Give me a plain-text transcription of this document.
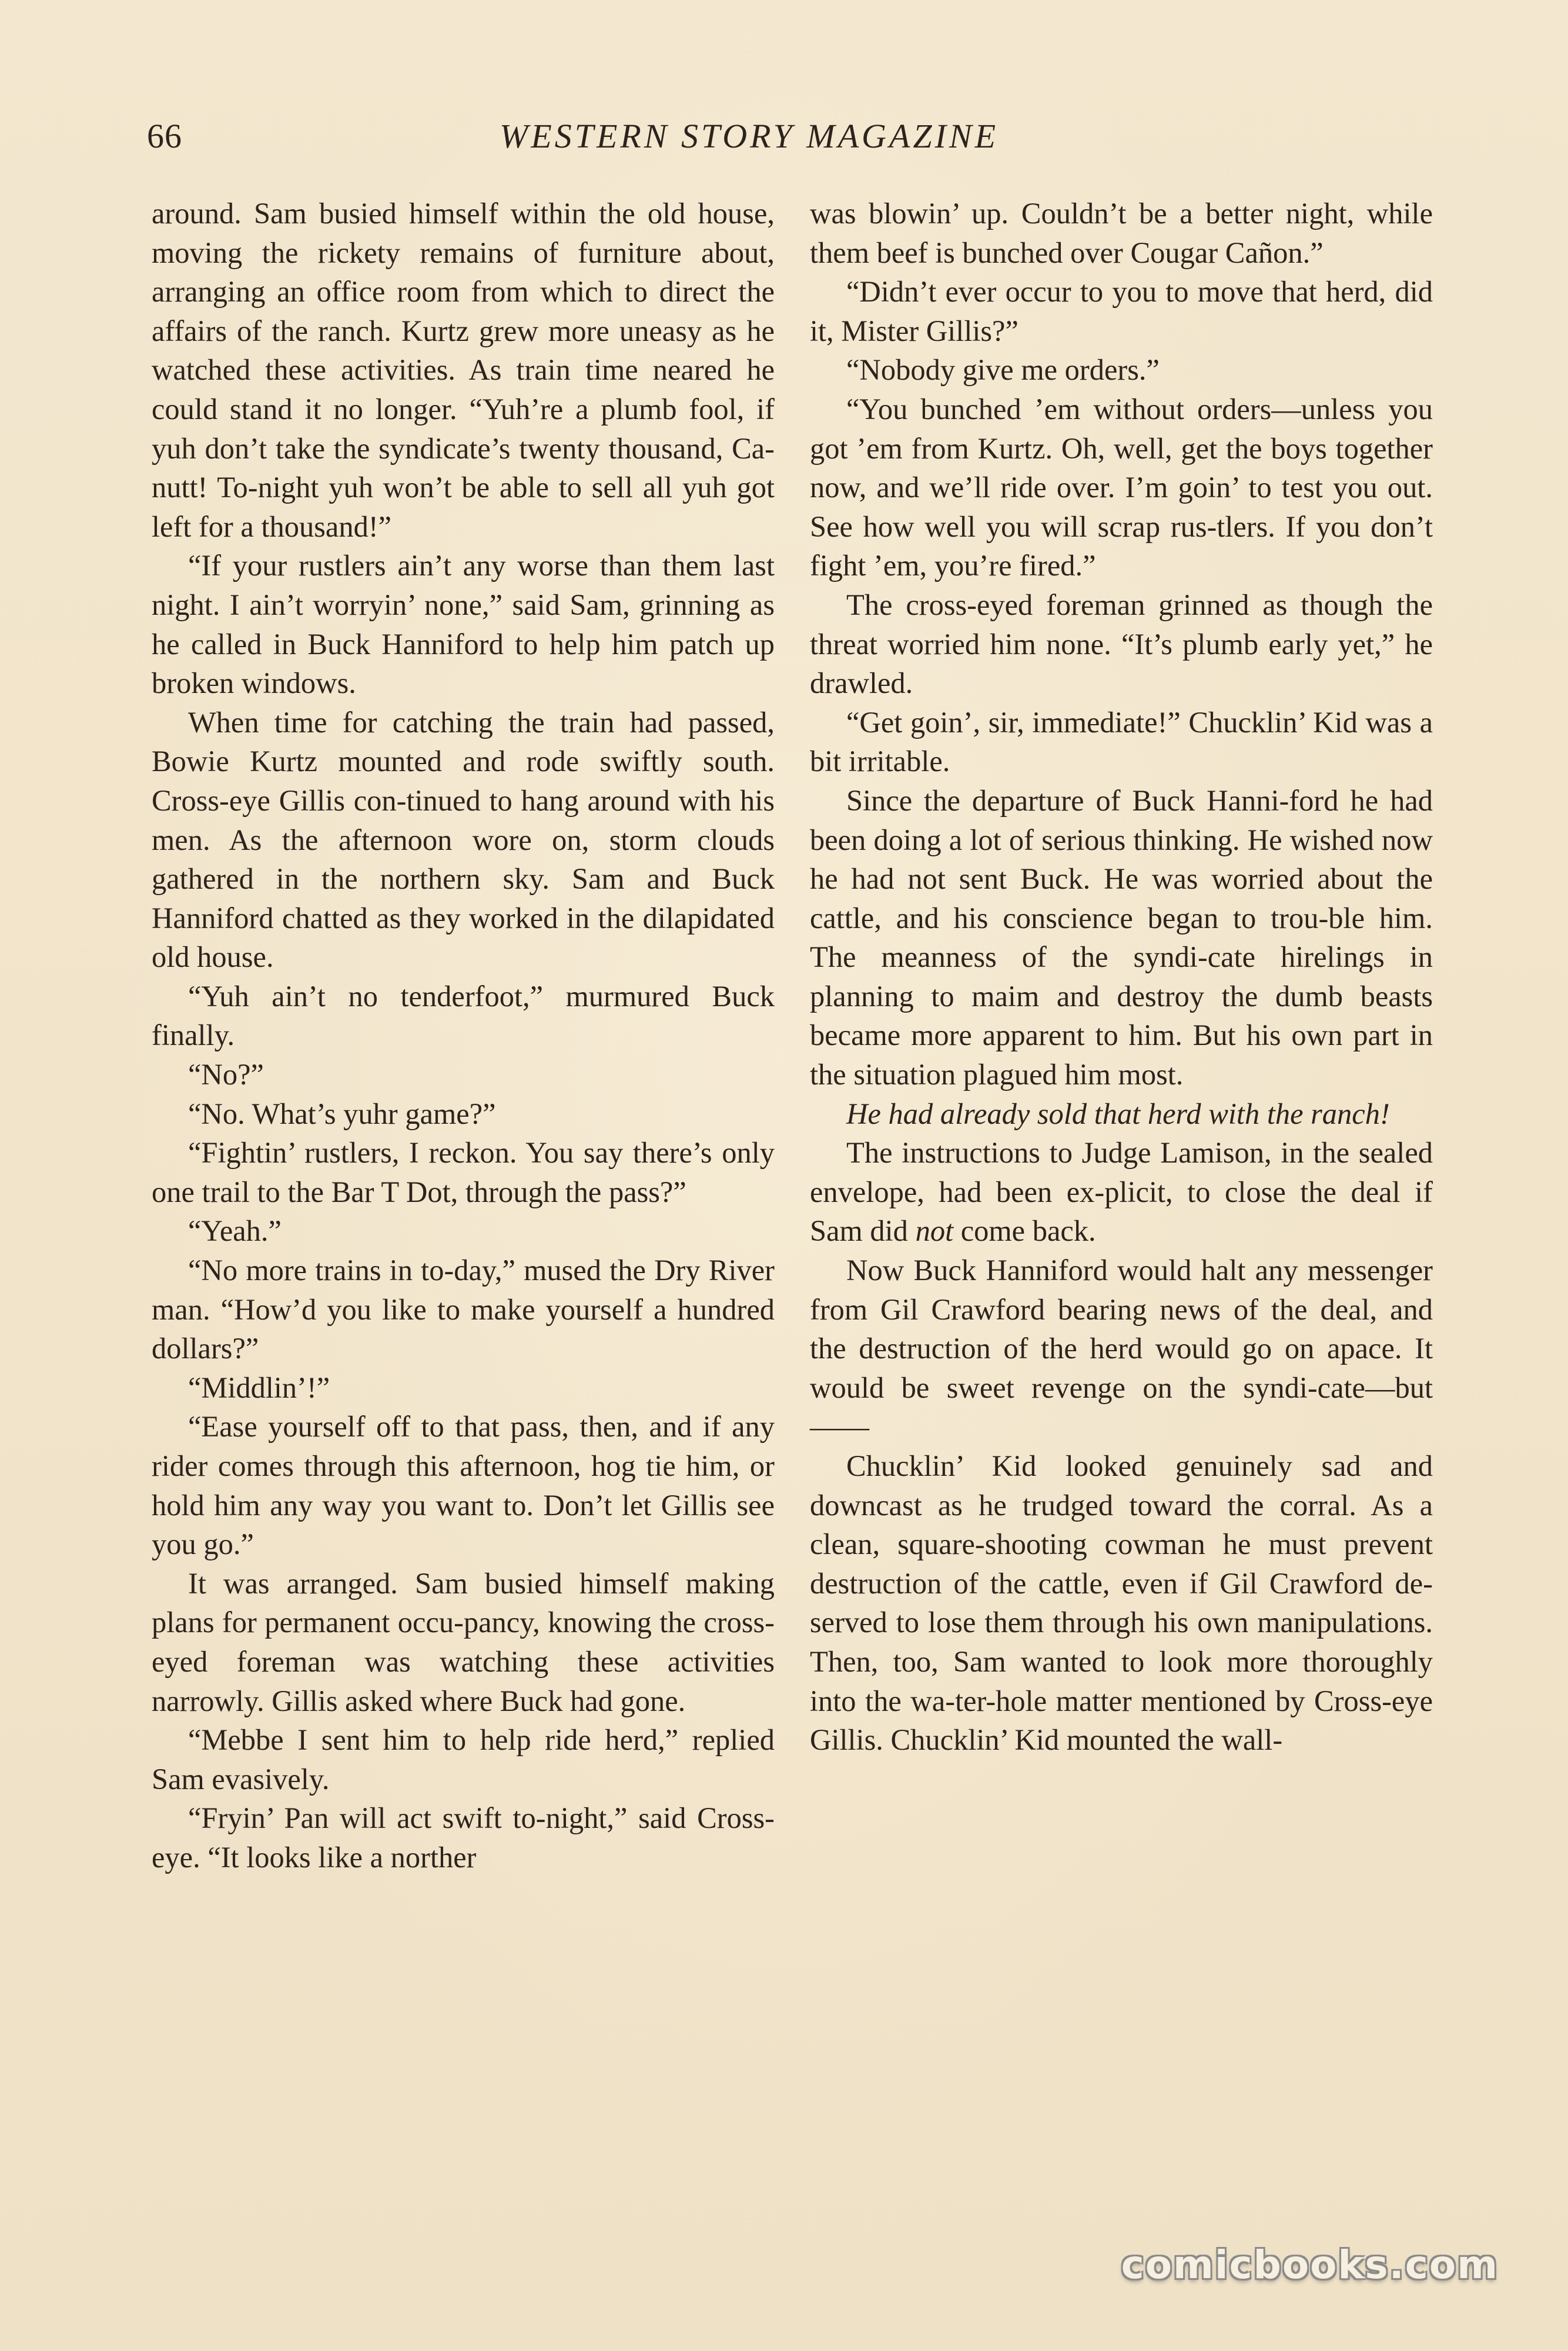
66	WESTERN STORY MAGAZINE

around. Sam busied himself within the old house, moving the rickety remains of furniture about, arranging an office room from which to direct the affairs of the ranch. Kurtz grew more uneasy as he watched these activities. As train time neared he could stand it no longer. “Yuh’re a plumb fool, if yuh don’t take the syndicate’s twenty thousand, Ca-nutt! To-night yuh won’t be able to sell all yuh got left for a thousand!”

“If your rustlers ain’t any worse than them last night. I ain’t worryin’ none,” said Sam, grinning as he called in Buck Hanniford to help him patch up broken windows.

When time for catching the train had passed, Bowie Kurtz mounted and rode swiftly south. Cross-eye Gillis con-tinued to hang around with his men. As the afternoon wore on, storm clouds gathered in the northern sky. Sam and Buck Hanniford chatted as they worked in the dilapidated old house.

“Yuh ain’t no tenderfoot,” murmured Buck finally.

“No?”

“No. What’s yuhr game?”

“Fightin’ rustlers, I reckon. You say there’s only one trail to the Bar T Dot, through the pass?”

“Yeah.”

“No more trains in to-day,” mused the Dry River man. “How’d you like to make yourself a hundred dollars?”

“Middlin’!”

“Ease yourself off to that pass, then, and if any rider comes through this afternoon, hog tie him, or hold him any way you want to. Don’t let Gillis see you go.”

It was arranged. Sam busied himself making plans for permanent occu-pancy, knowing the cross-eyed foreman was watching these activities narrowly. Gillis asked where Buck had gone.

“Mebbe I sent him to help ride herd,” replied Sam evasively.

“Fryin’ Pan will act swift to-night,” said Cross-eye. “It looks like a norther

was blowin’ up. Couldn’t be a better night, while them beef is bunched over Cougar Cañon.”

“Didn’t ever occur to you to move that herd, did it, Mister Gillis?”

“Nobody give me orders.”

“You bunched ’em without orders—unless you got ’em from Kurtz. Oh, well, get the boys together now, and we’ll ride over. I’m goin’ to test you out. See how well you will scrap rus-tlers. If you don’t fight ’em, you’re fired.”

The cross-eyed foreman grinned as though the threat worried him none. “It’s plumb early yet,” he drawled.

“Get goin’, sir, immediate!” Chucklin’ Kid was a bit irritable.

Since the departure of Buck Hanni-ford he had been doing a lot of serious thinking. He wished now he had not sent Buck. He was worried about the cattle, and his conscience began to trou-ble him. The meanness of the syndi-cate hirelings in planning to maim and destroy the dumb beasts became more apparent to him. But his own part in the situation plagued him most.

He had already sold that herd with the ranch!

The instructions to Judge Lamison, in the sealed envelope, had been ex-plicit, to close the deal if Sam did not come back.

Now Buck Hanniford would halt any messenger from Gil Crawford bearing news of the deal, and the destruction of the herd would go on apace. It would be sweet revenge on the syndi-cate—but——

Chucklin’ Kid looked genuinely sad and downcast as he trudged toward the corral. As a clean, square-shooting cowman he must prevent destruction of the cattle, even if Gil Crawford de-served to lose them through his own manipulations. Then, too, Sam wanted to look more thoroughly into the wa-ter-hole matter mentioned by Cross-eye Gillis. Chucklin’ Kid mounted the wall-

comicbooks.com
